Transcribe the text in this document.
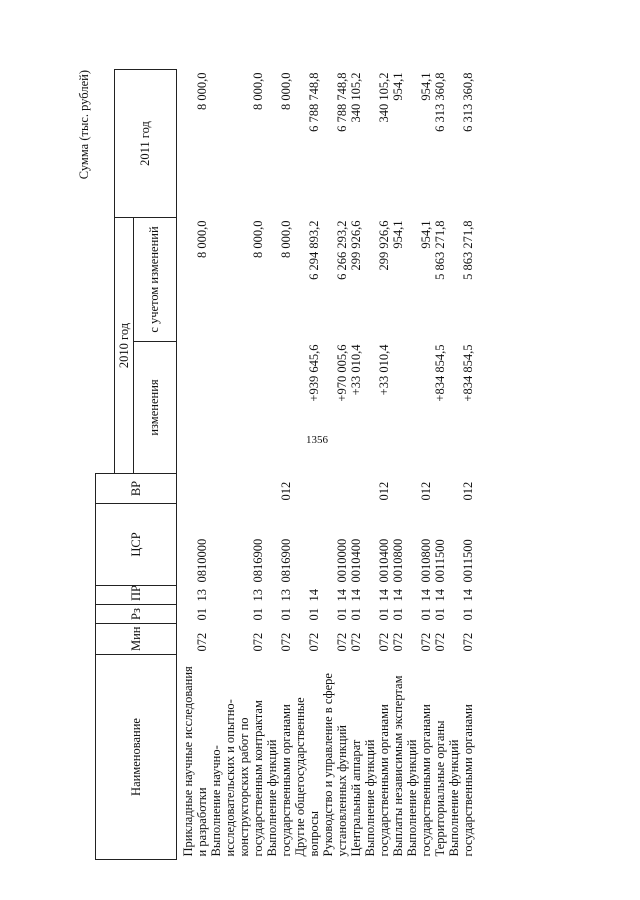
1356
Сумма (тыс. рублей)
Наименование	Мин	Рз	ПР	ЦСР	ВР			
						2010 год		2011 год
						изменения	с учетом изменений	
Прикладные научные исследования и разработки	072	01	13	0810000			8 000,0	8 000,0
Выполнение научно-исследовательских и опытно-конструкторских работ по государственным контрактам	072	01	13	0816900			8 000,0	8 000,0
Выполнение функций государственными органами	072	01	13	0816900	012		8 000,0	8 000,0
Другие общегосударственные вопросы	072	01	14			+939 645,6	6 294 893,2	6 788 748,8
Руководство и управление в сфере установленных функций	072	01	14	0010000		+970 005,6	6 266 293,2	6 788 748,8
Центральный аппарат	072	01	14	0010400		+33 010,4	299 926,6	340 105,2
Выполнение функций государственными органами	072	01	14	0010400	012	+33 010,4	299 926,6	340 105,2
Выплаты независимым экспертам	072	01	14	0010800			954,1	954,1
Выполнение функций государственными органами	072	01	14	0010800	012		954,1	954,1
Территориальные органы	072	01	14	0011500		+834 854,5	5 863 271,8	6 313 360,8
Выполнение функций государственными органами	072	01	14	0011500	012	+834 854,5	5 863 271,8	6 313 360,8
